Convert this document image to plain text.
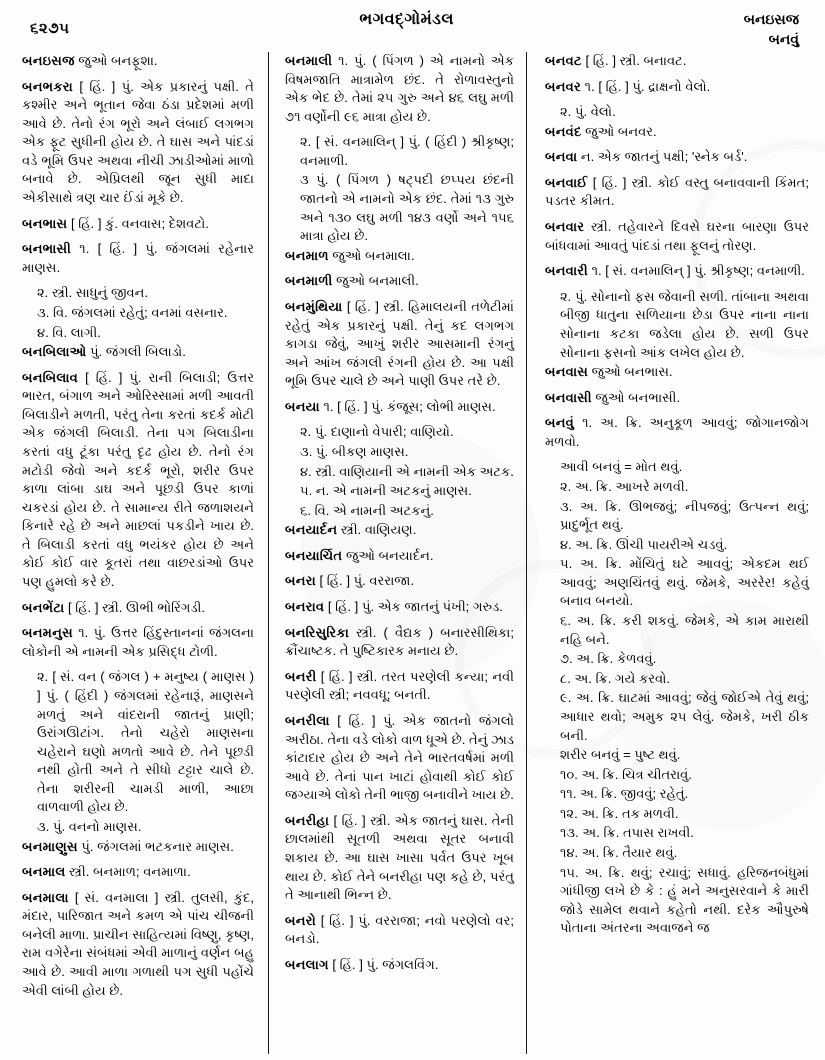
૬૨૭૫
ભગવદ્ગોમંડલ	બનઇસજ
બનવું
બનઇસજ જુઓ બનફૂશા.
બનભકરા [ હિં. ] પું. એક પ્રકારનું પક્ષી. તે કશ્મીર અને ભૂતાન જેવા ઠંડા પ્રદેશમાં મળી આવે છે. તેનો રંગ ભૂરો અને લંબાઈ લગભગ એક ફૂટ સુધીની હોય છે. તે ઘાસ અને પાંદડાં વડે ભૂમિ ઉપર અથવા નીચી ઝાડીઓમાં માળો બનાવે છે. એપ્રિલથી જૂન સુધી માદા એકીસાથે ત્રણ ચાર ઈંડાં મૂકે છે.
બનભાસ [ હિં. ] કું. વનવાસ; દેશવટો.
બનભાસી ૧. [ હિં. ] પું. જંગલમાં રહેનાર માણસ.
૨. સ્ત્રી. સાધુનું જીવન.
૩. વિ. જંગલમાં રહેતું; વનમાં વસનાર.
૪. વિ. લાગી.
બનબિલાઓ પું. જંગલી બિલાડો.
બનબિલાવ [ હિં. ] પું. રાની બિલાડી; ઉત્તર ભારત, બંગાળ અને ઓરિસ્સામાં મળી આવતી બિલાડીને મળતી, પરંતુ તેના કરતાં કદર્ક મોટી એક જંગલી બિલાડી. તેના પગ બિલાડીના કરતાં વધુ ટૂંકા પરંતુ દૃઢ હોય છે. તેનો રંગ મટોડી જેવો અને કદર્ક ભૂરો, શરીર ઉપર કાળા લાંબા ડાઘ અને પૂછડી ઉપર કાળાં ચકરડાં હોય છે. તે સામાન્ય રીતે જળાશયને કિનારે રહે છે અને માછલાં પકડીને ખાય છે. તે બિલાડી કરતાં વધુ ભયંકર હોય છે અને કોઈ કોઈ વાર કૂતરાં તથા વાછરડાંઓ ઉપર પણ હુમલો કરે છે.
બનભેંટા [ હિં. ] સ્ત્રી. ઊભી ભોરિંગડી.
બનમનુસ ૧. પું. ઉત્તર હિંદુસ્તાનનાં જંગલના લોકોની એ નામની એક પ્રસિદ્ધ ટોળી.
૨. [ સં. વન ( જંગલ ) + મનુષ્ય ( માણસ ) ] પું. ( હિંદી ) જંગલમાં રહેનારૂં, માણસને મળતું અને વાંદરાની જાતનું પ્રાણી; ઉરાંગઊટાંગ. તેનો ચહેરો માણસના ચહેરાને ઘણો મળતો આવે છે. તેને પૂછડી નથી હોતી અને તે સીધો ટટ્ટાર ચાલે છે. તેના શરીરની ચામડી માળી, આછા વાળવાળી હોય છે.
૩. પું. વનનો માણસ.
બનમાણુસ પું. જંગલમાં ભટકનાર માણસ.
બનમાલ સ્ત્રી. બનમાળ; વનમાળા.
બનમાલા [ સં. વનમાલા ] સ્ત્રી. તુલસી, કુંદ, મંદાર, પારિજાત અને કમળ એ પાંચ ચીજની બનેલી માળા. પ્રાચીન સાહિત્યમાં વિષ્ણુ, કૃષ્ણ, રામ વગેરેના સંબંધમાં એવી માળાનું વર્ણન બહુ આવે છે. આવી માળા ગળાથી પગ સુધી પહોંચે એવી લાંબી હોય છે.
બનમાલી ૧. પું. ( પિંગળ ) એ નામનો એક વિષમજાતિ માત્રામેળ છંદ. તે રોળાવસ્તુનો એક ભેદ છે. તેમાં ૨૫ ગુરુ અને ૪૬ લઘુ મળી ૭૧ વર્ણોની ૯૬ માત્રા હોય છે.
૨. [ સં. વનમાલિન્ ] પું. ( હિંદી ) શ્રીકૃષ્ણ; વનમાળી.
૩ પું. ( પિંગળ ) ષટ્પદી છપ્પય છંદની જાતનો એ નામનો એક છંદ. તેમાં ૧૩ ગુરુ અને ૧૩૦ લઘુ મળી ૧૪૩ વર્ણો અને ૧૫૬ માત્રા હોય છે.
બનમાળ જુઓ બનમાલા.
બનમાળી જુઓ બનમાલી.
બનમુંથિયા [ હિં. ] સ્ત્રી. હિમાલયની તળેટીમાં રહેતું એક પ્રકારનું પક્ષી. તેનું કદ લગભગ કાગડા જેવું, આખું શરીર આસમાની રંગનું અને આંખ જંગલી રંગની હોય છે. આ પક્ષી ભૂમિ ઉપર ચાલે છે અને પાણી ઉપર તરે છે.
બનયા ૧. [ હિં. ] પું. કંજૂસ; લોભી માણસ.
૨. પું. દાણાનો વેપારી; વાણિયો.
૩. પું. બીકણ માણસ.
૪. સ્ત્રી. વાણિયાની એ નામની એક અટક.
૫. ન. એ નામની અટકનું માણસ.
૬. વિ. એ નામની અટકનું.
બનયાર્દન સ્ત્રી. વાણિયણ.
બનયાર્ચિત જુઓ બનયાર્દન.
બનરા [ હિં. ] પું. વરરાજા.
બનરાવ [ હિં. ] પું. એક જાતનું પંખી; ગરુડ.
બનરિસુરિકા સ્ત્રી. ( વૈદ્યક ) બનારસીથિકા; ક્રૌંચાષ્ટક. તે પુષ્ટિકારક મનાય છે.
બનરી [ હિં. ] સ્ત્રી. તરત પરણેલી કન્યા; નવી પરણેલી સ્ત્રી; નવવધૂ; બનતી.
બનરીલા [ હિં. ] પું. એક જાતનો જંગલો અરીઠા. તેના વડે લોકો વાળ ધૂએ છે. તેનું ઝાડ કાંટાદાર હોય છે અને તેને ભારતવર્ષમાં મળી આવે છે. તેનાં પાન ખાટાં હોવાથી કોઈ કોઈ જગ્યાએ લોકો તેની ભાજી બનાવીને ખાય છે.
બનરીહા [ હિં. ] સ્ત્રી. એક જાતનું ઘાસ. તેની છાલમાંથી સૂતળી અથવા સૂતર બનાવી શકાય છે. આ ઘાસ ખાસા પર્વત ઉપર ખૂબ થાય છે. કોઈ તેને બનરીહા પણ કહે છે, પરંતુ તે આનાથી ભિન્ન છે.
બનરો [ હિં. ] પું. વરરાજા; નવો પરણેલો વર; બનડો.
બનલાગ [ હિં. ] પું. જંગલવિંગ.
બનવટ [ હિં. ] સ્ત્રી. બનાવટ.
બનવર ૧. [ હિં. ] પું. દ્રાક્ષનો વેલો.
૨. પું. વેલો.
બનવંદ જુઓ બનવર.
બનવા ન. એક જાતનું પક્ષી; 'સ્નેક બર્ડ'.
બનવાઈ [ હિં. ] સ્ત્રી. કોઈ વસ્તુ બનાવવાની કિંમત; પડતર કીમત.
બનવાર સ્ત્રી. તહેવારને દિવસે ઘરના બારણા ઉપર બાંધવામાં આવતું પાંદડાં તથા ફૂલનું તોરણ.
બનવારી ૧. [ સં. વનમાલિન્ ] પું. શ્રીકૃષ્ણ; વનમાળી.
૨. પું. સોનાનો ફસ જેવાની સળી. તાંબાના અથવા બીજી ધાતુના સળિયાના છેડા ઉપર નાના નાના સોનાના કટકા જડેલા હોય છે. સળી ઉપર સોનાના ફસનો આંક લખેલ હોય છે.
બનવાસ જુઓ બનભાસ.
બનવાસી જુઓ બનભાસી.
બનવું ૧. અ. ક્રિ. અનુકૂળ આવવું; જોગાનજોગ મળવો.
આવી બનવું = મોત થવું.
૨. અ. ક્રિ. આખરે મળવી.
૩. અ. ક્રિ. ઊભજવું; નીપજવું; ઉત્પન્ન થવું; પ્રાદુર્ભૂત થવું.
૪. અ. ક્રિ. ઊંચી પાયરીએ ચડવું.
૫. અ. ક્રિ. મોંચિતું ઘટે આવવું; એકદમ થઈ આવવું; અણચિંતવું થવું. જેમકે, અરરેર! કહેવું બનાવ બનયો.
૬. અ. ક્રિ. કરી શકવું. જેમકે, એ કામ મારાથી નહિ બને.
૭. અ. ક્રિ. કેળવવું.
૮. અ. ક્રિ. ગયે કરવો.
૯. અ. ક્રિ. ઘાટમાં આવવું; જેવું જોઈએ તેવું થવું; આધાર થવો; અમુક ૨૫ લેવું. જેમકે, ખરી ઠીક બની.
શરીર બનવું = પુષ્ટ થવું.
૧૦. અ. ક્રિ. ચિત્ર ચીતરાવું.
૧૧. અ. ક્રિ. જીવવું; રહેતું.
૧૨. અ. ક્રિ. તક મળવી.
૧૩. અ. ક્રિ. તપાસ રાખવી.
૧૪. અ. ક્રિ. તૈયાર થવું.
૧૫. અ. ક્રિ. થવું; રચાવું; સધાવું. હરિજનબંધુમાં ગાંધીજી લખે છે કે : હું મને અનુસરવાને કે મારી જોડે સામેલ થવાને કહેતો નથી. દરેક ઔપુરુષે પોતાના અંતરના અવાજને જ
